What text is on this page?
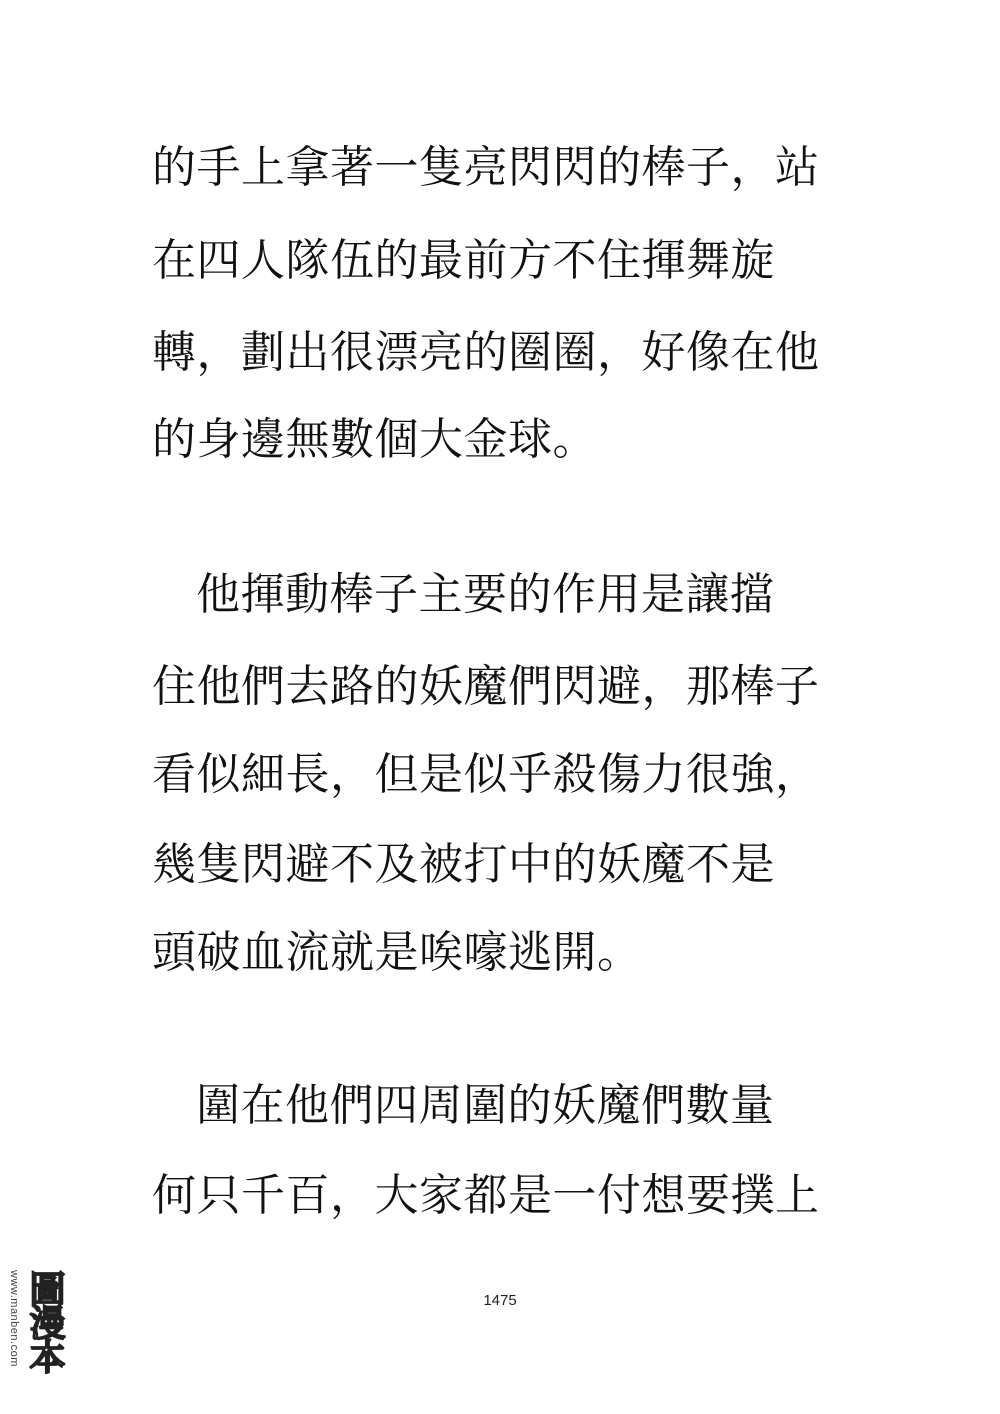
的手上拿著一隻亮閃閃的棒子，站
在四人隊伍的最前方不住揮舞旋
轉，劃出很漂亮的圈圈，好像在他
的身邊無數個大金球。
他揮動棒子主要的作用是讓擋
住他們去路的妖魔們閃避，那棒子
看似細長，但是似乎殺傷力很強，
幾隻閃避不及被打中的妖魔不是
頭破血流就是唉嚎逃開。
圍在他們四周圍的妖魔們數量
何只千百，大家都是一付想要撲上
1475
www.manben.com 圖漫本
